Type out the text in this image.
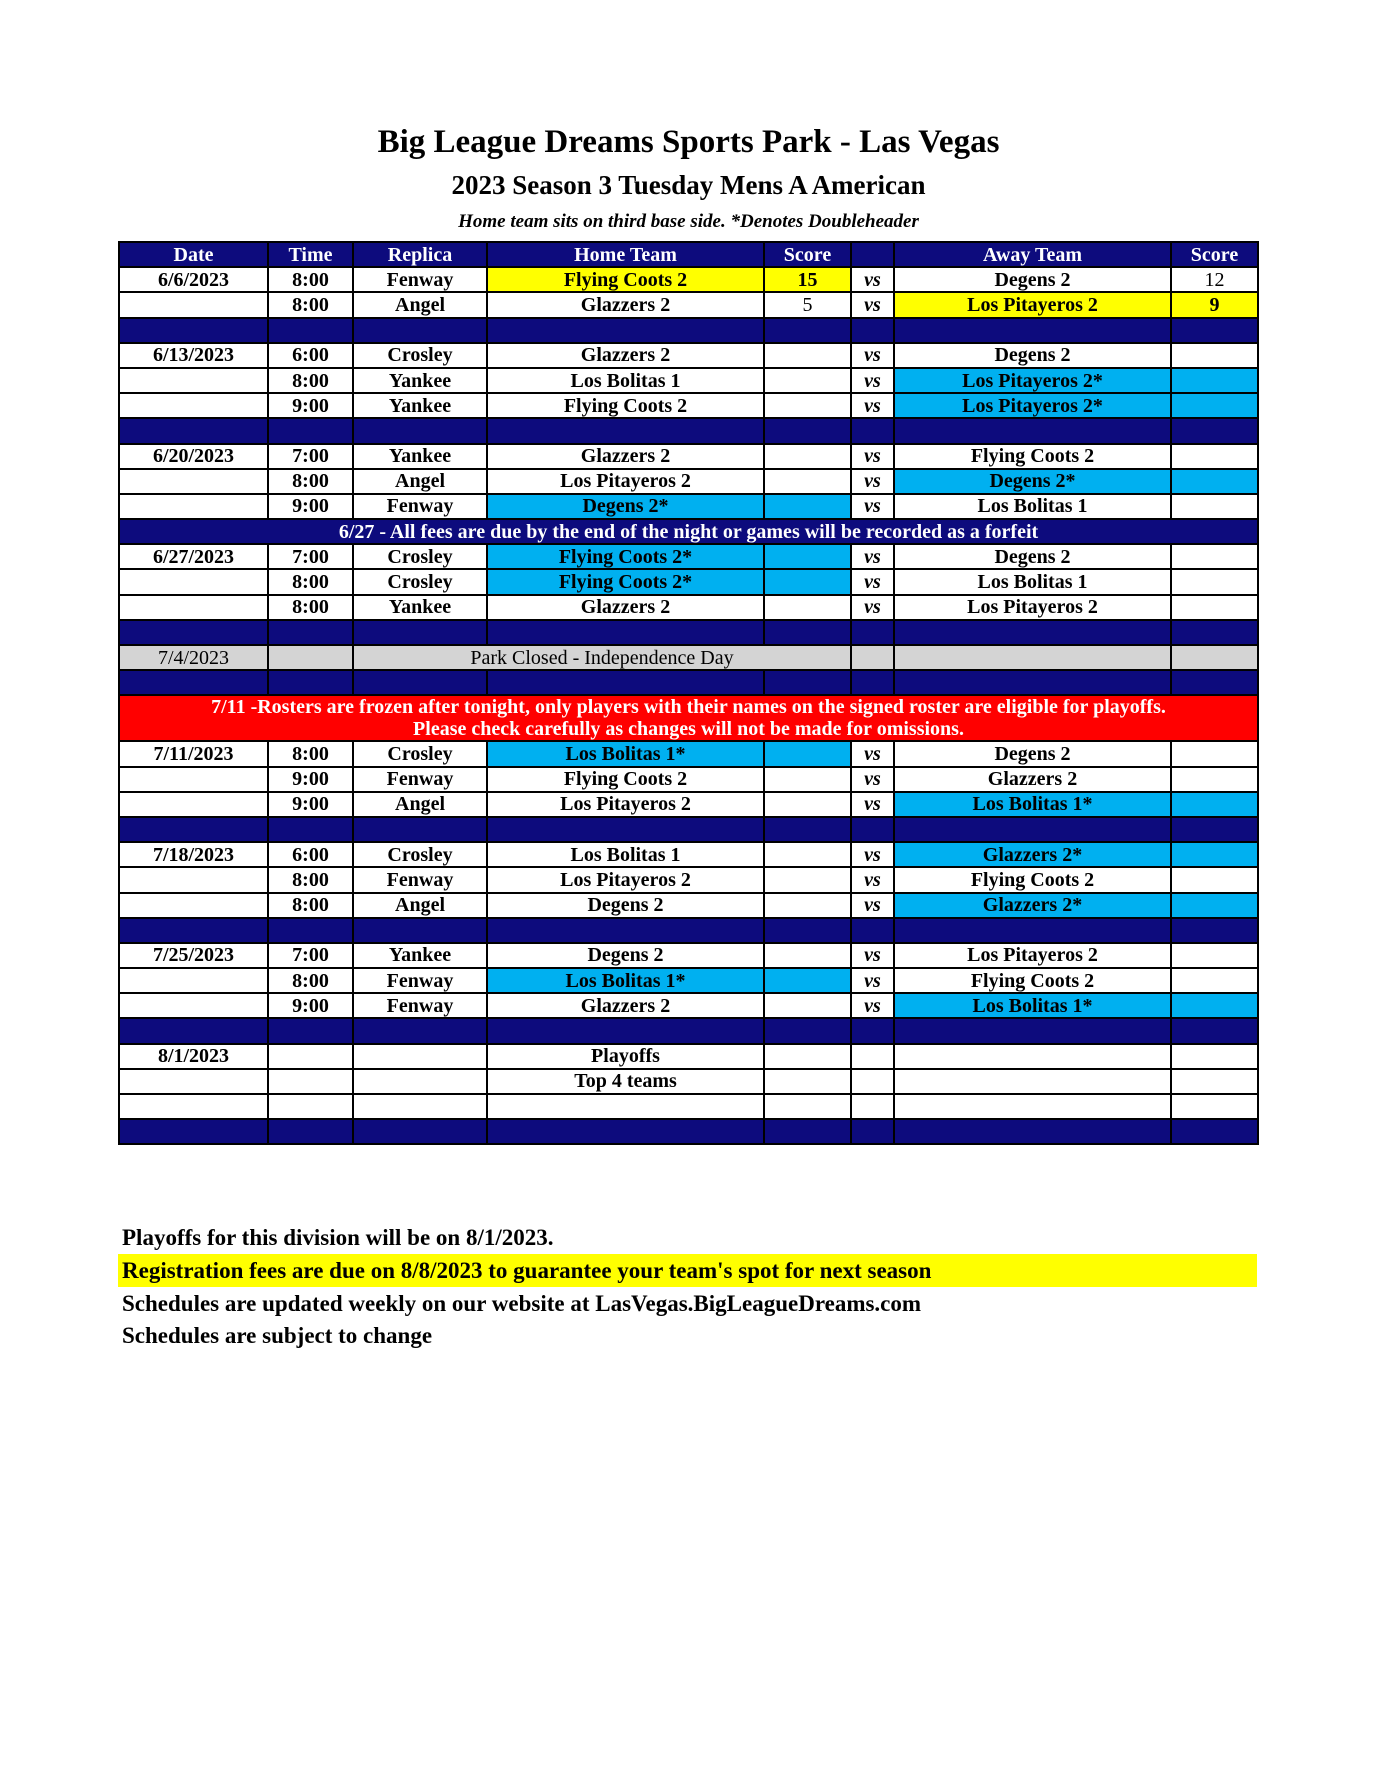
Big League Dreams Sports Park - Las Vegas
2023 Season 3 Tuesday Mens A American
Home team sits on third base side. *Denotes Doubleheader
Date	Time	Replica	Home Team	Score		Away Team	Score
6/6/2023	8:00	Fenway	Flying Coots 2	15	vs	Degens 2	12
	8:00	Angel	Glazzers 2	5	vs	Los Pitayeros 2	9

6/13/2023	6:00	Crosley	Glazzers 2		vs	Degens 2	
	8:00	Yankee	Los Bolitas 1		vs	Los Pitayeros 2*	
	9:00	Yankee	Flying Coots 2		vs	Los Pitayeros 2*	

6/20/2023	7:00	Yankee	Glazzers 2		vs	Flying Coots 2	
	8:00	Angel	Los Pitayeros 2		vs	Degens 2*	
	9:00	Fenway	Degens 2*		vs	Los Bolitas 1	
6/27 - All fees are due by the end of the night or games will be recorded as a forfeit							
6/27/2023	7:00	Crosley	Flying Coots 2*		vs	Degens 2	
	8:00	Crosley	Flying Coots 2*		vs	Los Bolitas 1	
	8:00	Yankee	Glazzers 2		vs	Los Pitayeros 2	

7/4/2023		Park Closed - Independence Day					

7/11 -Rosters are frozen after tonight, only players with their names on the signed roster are eligible for playoffs.
Please check carefully as changes will not be made for omissions.							

7/11/2023	8:00	Crosley	Los Bolitas 1*		vs	Degens 2	
	9:00	Fenway	Flying Coots 2		vs	Glazzers 2	
	9:00	Angel	Los Pitayeros 2		vs	Los Bolitas 1*	

7/18/2023	6:00	Crosley	Los Bolitas 1		vs	Glazzers 2*	
	8:00	Fenway	Los Pitayeros 2		vs	Flying Coots 2	
	8:00	Angel	Degens 2		vs	Glazzers 2*	

7/25/2023	7:00	Yankee	Degens 2		vs	Los Pitayeros 2	
	8:00	Fenway	Los Bolitas 1*		vs	Flying Coots 2	
	9:00	Fenway	Glazzers 2		vs	Los Bolitas 1*	

8/1/2023			Playoffs				
			Top 4 teams				

Playoffs for this division will be on 8/1/2023.
Registration fees are due on 8/8/2023 to guarantee your team's spot for next season
Schedules are updated weekly on our website at LasVegas.BigLeagueDreams.com
Schedules are subject to change
